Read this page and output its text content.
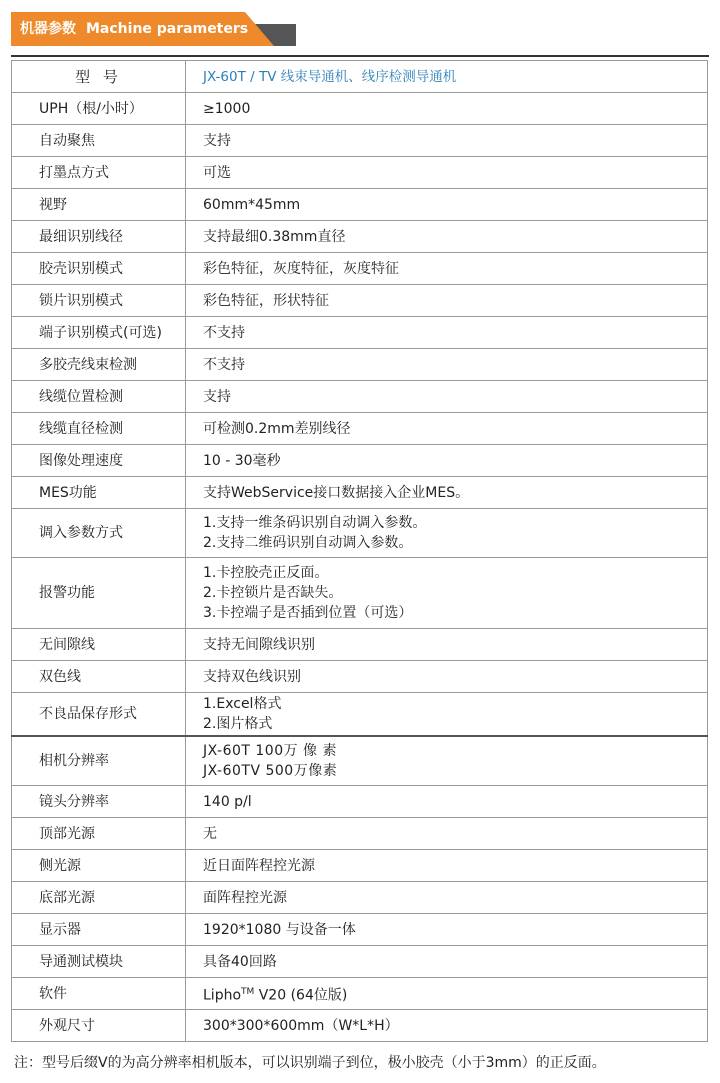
机器参数 Machine parameters
型 号	JX-60T / TV 线束导通机、线序检测导通机
UPH（根/小时）	≥1000

自动聚焦	支持

打墨点方式	可选

视野	60mm*45mm

最细识别线径	支持最细0.38mm直径

胶壳识别模式	彩色特征，灰度特征，灰度特征

锁片识别模式	彩色特征，形状特征

端子识别模式(可选)	不支持

多胶壳线束检测	不支持

线缆位置检测	支持

线缆直径检测	可检测0.2mm差别线径

图像处理速度	10 - 30毫秒

MES功能	支持WebService接口数据接入企业MES。

调入参数方式	1.支持一维条码识别自动调入参数。
2.支持二维码识别自动调入参数。

报警功能	1.卡控胶壳正反面。
2.卡控锁片是否缺失。
3.卡控端子是否插到位置（可选）

无间隙线	支持无间隙线识别

双色线	支持双色线识别

不良品保存形式	1.Excel格式
2.图片格式

相机分辨率	JX-60T 100万 像 素
JX-60TV 500万像素

镜头分辨率	140 p/l

顶部光源	无

侧光源	近日面阵程控光源

底部光源	面阵程控光源

显示器	1920*1080 与设备一体

导通测试模块	具备40回路

软件	Lipho™ V20 (64位版)
外观尺寸	300*300*600mm（W*L*H）
注：型号后缀V的为高分辨率相机版本，可以识别端子到位，极小胶壳（小于3mm）的正反面。
